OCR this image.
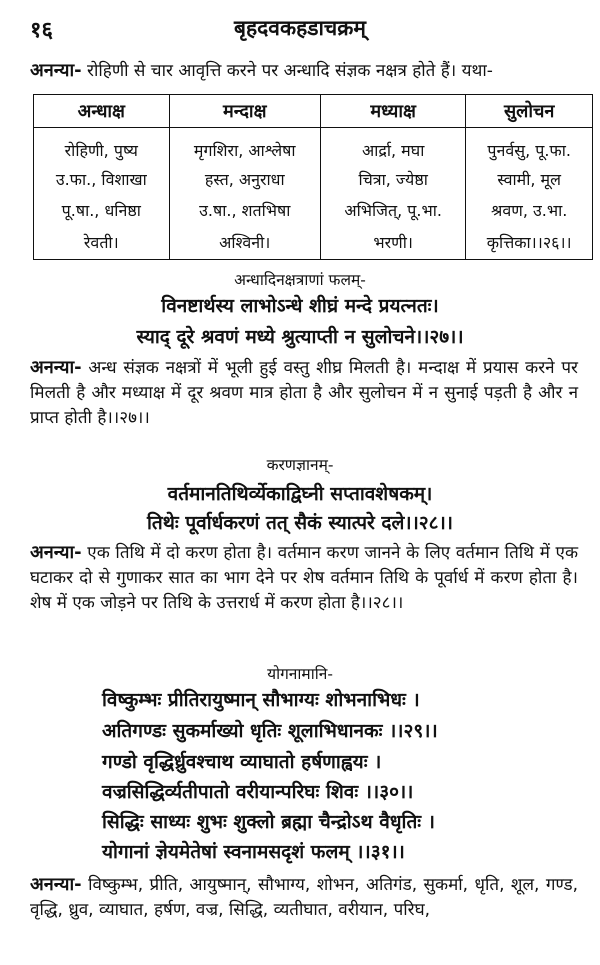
१६	बृहदवकहडाचक्रम्

अनन्या- रोहिणी से चार आवृत्ति करने पर अन्धादि संज्ञक नक्षत्र होते हैं। यथा-

अन्धाक्ष	मन्दाक्ष	मध्याक्ष	सुलोचन
रोहिणी, पुष्य	मृगशिरा, आश्लेषा	आर्द्रा, मघा	पुनर्वसु, पू.फा.
उ.फा., विशाखा	हस्त, अनुराधा	चित्रा, ज्येष्ठा	स्वामी, मूल
पू.षा., धनिष्ठा	उ.षा., शतभिषा	अभिजित्, पू.भा.	श्रवण, उ.भा.
रेवती।	अश्विनी।	भरणी।	कृत्तिका।।२६।।
अन्धादिनक्षत्राणां फलम्-
विनष्टार्थस्य लाभोऽन्धे शीघ्रं मन्दे प्रयत्नतः।
स्याद् दूरे श्रवणं मध्ये श्रुत्याप्ती न सुलोचने।।२७।।

अनन्या- अन्ध संज्ञक नक्षत्रों में भूली हुई वस्तु शीघ्र मिलती है। मन्दाक्ष में प्रयास करने पर मिलती है और मध्याक्ष में दूर श्रवण मात्र होता है और सुलोचन में न सुनाई पड़ती है और न प्राप्त होती है।।२७।।

करणज्ञानम्-
वर्तमानतिथिर्व्येकाद्विघ्नी सप्तावशेषकम्।
तिथेः पूर्वार्धकरणं तत् सैकं स्यात्परे दले।।२८।।

अनन्या- एक तिथि में दो करण होता है। वर्तमान करण जानने के लिए वर्तमान तिथि में एक घटाकर दो से गुणाकर सात का भाग देने पर शेष वर्तमान तिथि के पूर्वार्ध में करण होता है। शेष में एक जोड़ने पर तिथि के उत्तरार्ध में करण होता है।।२८।।

योगनामानि-
विष्कुम्भः प्रीतिरायुष्मान् सौभाग्यः शोभनाभिधः ।
अतिगण्डः सुकर्माख्यो धृतिः शूलाभिधानकः ।।२९।।
गण्डो वृद्धिर्ध्रुवश्चाथ व्याघातो हर्षणाह्वयः ।
वज्रसिद्धिर्व्यतीपातो वरीयान्परिघः शिवः ।।३०।।
सिद्धिः साध्यः शुभः शुक्लो ब्रह्मा चैन्द्रोऽथ वैधृतिः ।
योगानां ज्ञेयमेतेषां स्वनामसदृशं फलम् ।।३१।।

अनन्या- विष्कुम्भ, प्रीति, आयुष्मान्, सौभाग्य, शोभन, अतिगंड, सुकर्मा, धृति, शूल, गण्ड, वृद्धि, ध्रुव, व्याघात, हर्षण, वज्र, सिद्धि, व्यतीघात, वरीयान, परिघ,
